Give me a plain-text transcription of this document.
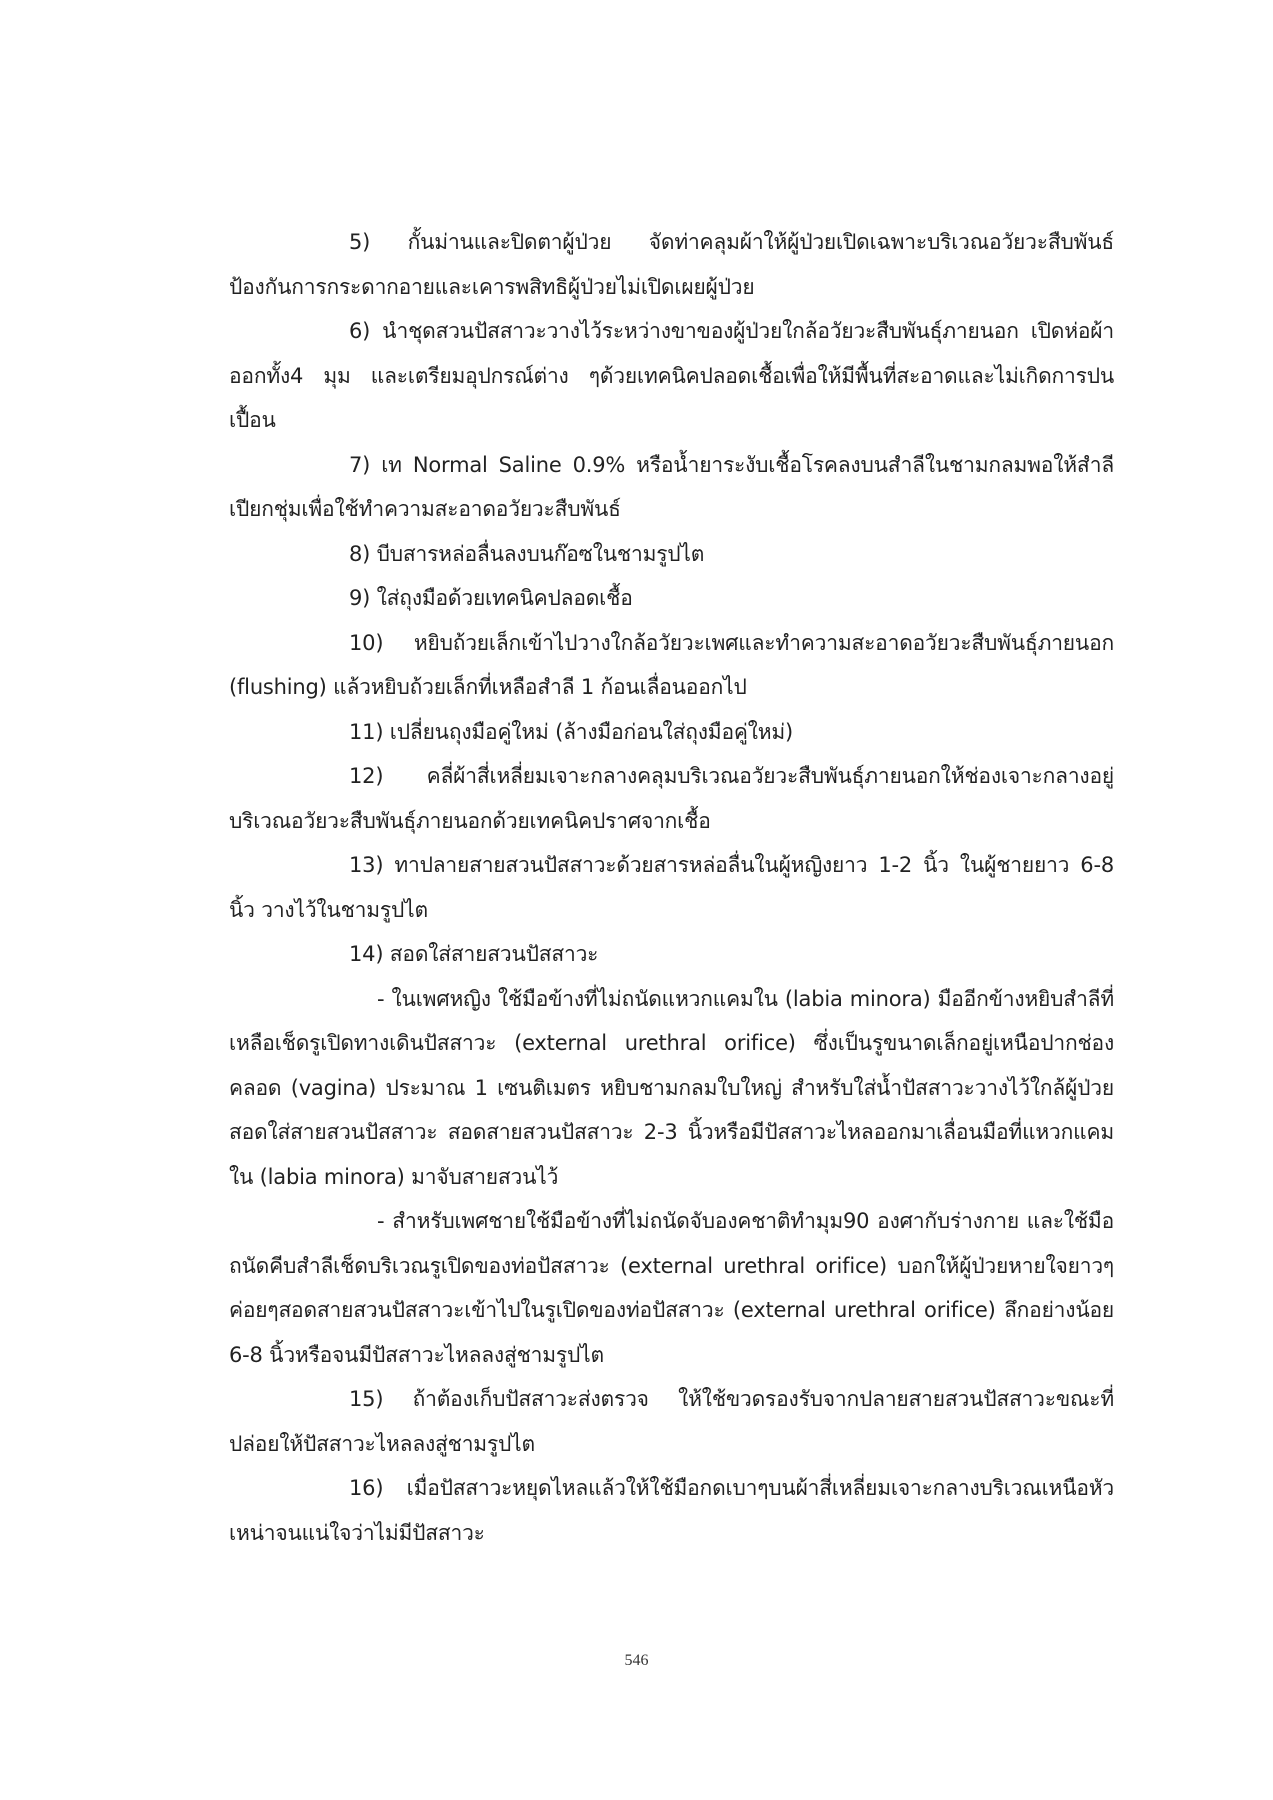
5) กั้นม่านและปิดตาผู้ป่วย จัดท่าคลุมผ้าให้ผู้ป่วยเปิดเฉพาะบริเวณอวัยวะสืบพันธ์ ป้องกันการกระดากอายและเคารพสิทธิผู้ป่วยไม่เปิดเผยผู้ป่วย

6) นำชุดสวนปัสสาวะวางไว้ระหว่างขาของผู้ป่วยใกล้อวัยวะสืบพันธุ์ภายนอก เปิดห่อผ้าออกทั้ง4 มุม และเตรียมอุปกรณ์ต่าง ๆด้วยเทคนิคปลอดเชื้อเพื่อให้มีพื้นที่สะอาดและไม่เกิดการปนเปื้อน

7) เท Normal Saline 0.9% หรือน้ำยาระงับเชื้อโรคลงบนสำลีในชามกลมพอให้สำลีเปียกชุ่มเพื่อใช้ทำความสะอาดอวัยวะสืบพันธ์

8) บีบสารหล่อลื่นลงบนก๊อซในชามรูปไต

9) ใส่ถุงมือด้วยเทคนิคปลอดเชื้อ

10) หยิบถ้วยเล็กเข้าไปวางใกล้อวัยวะเพศและทำความสะอาดอวัยวะสืบพันธุ์ภายนอก (flushing) แล้วหยิบถ้วยเล็กที่เหลือสำลี 1 ก้อนเลื่อนออกไป

11) เปลี่ยนถุงมือคู่ใหม่ (ล้างมือก่อนใส่ถุงมือคู่ใหม่)

12) คลี่ผ้าสี่เหลี่ยมเจาะกลางคลุมบริเวณอวัยวะสืบพันธุ์ภายนอกให้ช่องเจาะกลางอยู่บริเวณอวัยวะสืบพันธุ์ภายนอกด้วยเทคนิคปราศจากเชื้อ

13) ทาปลายสายสวนปัสสาวะด้วยสารหล่อลื่นในผู้หญิงยาว 1-2 นิ้ว ในผู้ชายยาว 6-8 นิ้ว วางไว้ในชามรูปไต

14) สอดใส่สายสวนปัสสาวะ

- ในเพศหญิง ใช้มือข้างที่ไม่ถนัดแหวกแคมใน (labia minora) มืออีกข้างหยิบสำลีที่เหลือเช็ดรูเปิดทางเดินปัสสาวะ (external urethral orifice) ซึ่งเป็นรูขนาดเล็กอยู่เหนือปากช่องคลอด (vagina) ประมาณ 1 เซนติเมตร หยิบชามกลมใบใหญ่ สำหรับใส่น้ำปัสสาวะวางไว้ใกล้ผู้ป่วยสอดใส่สายสวนปัสสาวะ สอดสายสวนปัสสาวะ 2-3 นิ้วหรือมีปัสสาวะไหลออกมาเลื่อนมือที่แหวกแคมใน (labia minora) มาจับสายสวนไว้

- สำหรับเพศชายใช้มือข้างที่ไม่ถนัดจับองคชาติทำมุม90 องศากับร่างกาย และใช้มือถนัดคีบสำลีเช็ดบริเวณรูเปิดของท่อปัสสาวะ (external urethral orifice) บอกให้ผู้ป่วยหายใจยาวๆค่อยๆสอดสายสวนปัสสาวะเข้าไปในรูเปิดของท่อปัสสาวะ (external urethral orifice) ลึกอย่างน้อย 6-8 นิ้วหรือจนมีปัสสาวะไหลลงสู่ชามรูปไต

15) ถ้าต้องเก็บปัสสาวะส่งตรวจ ให้ใช้ขวดรองรับจากปลายสายสวนปัสสาวะขณะที่ปล่อยให้ปัสสาวะไหลลงสู่ชามรูปไต

16) เมื่อปัสสาวะหยุดไหลแล้วให้ใช้มือกดเบาๆบนผ้าสี่เหลี่ยมเจาะกลางบริเวณเหนือหัวเหน่าจนแน่ใจว่าไม่มีปัสสาวะ

546
